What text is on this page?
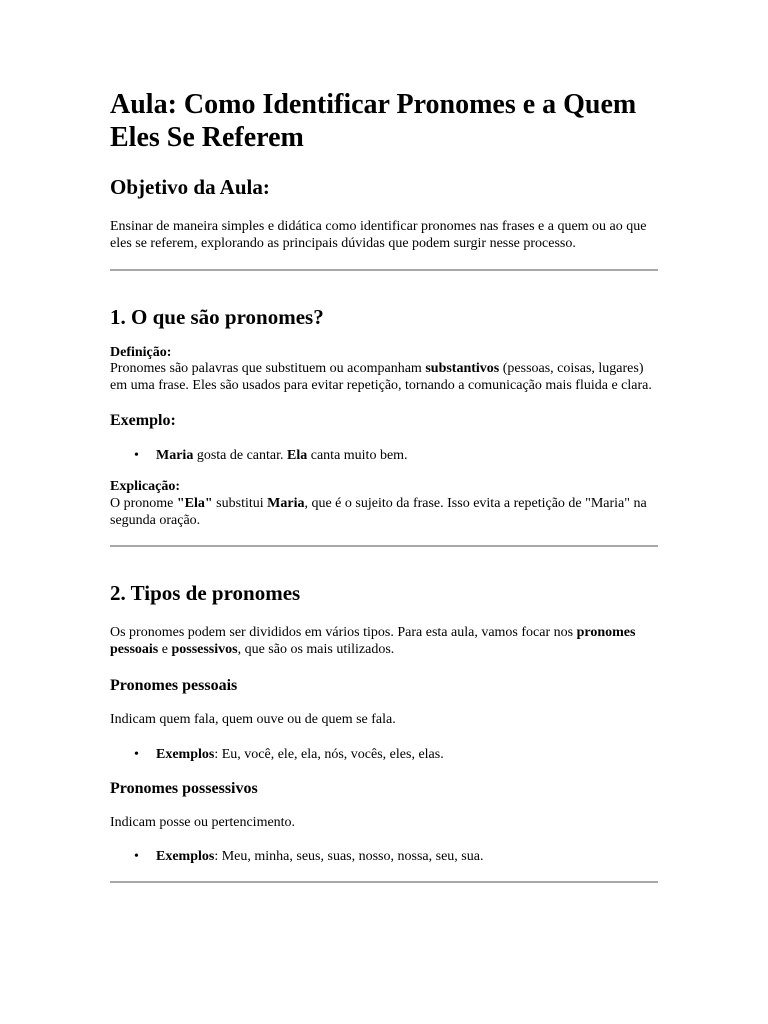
Aula: Como Identificar Pronomes e a Quem Eles Se Referem
Objetivo da Aula:

Ensinar de maneira simples e didática como identificar pronomes nas frases e a quem ou ao que eles se referem, explorando as principais dúvidas que podem surgir nesse processo.

1. O que são pronomes?

Definição:
Pronomes são palavras que substituem ou acompanham substantivos (pessoas, coisas, lugares) em uma frase. Eles são usados para evitar repetição, tornando a comunicação mais fluida e clara.

Exemplo:
• Maria gosta de cantar. Ela canta muito bem.

Explicação:
O pronome "Ela" substitui Maria, que é o sujeito da frase. Isso evita a repetição de "Maria" na segunda oração.

2. Tipos de pronomes

Os pronomes podem ser divididos em vários tipos. Para esta aula, vamos focar nos pronomes pessoais e possessivos, que são os mais utilizados.

Pronomes pessoais

Indicam quem fala, quem ouve ou de quem se fala.

• Exemplos: Eu, você, ele, ela, nós, vocês, eles, elas.
Pronomes possessivos

Indicam posse ou pertencimento.

• Exemplos: Meu, minha, seus, suas, nosso, nossa, seu, sua.
